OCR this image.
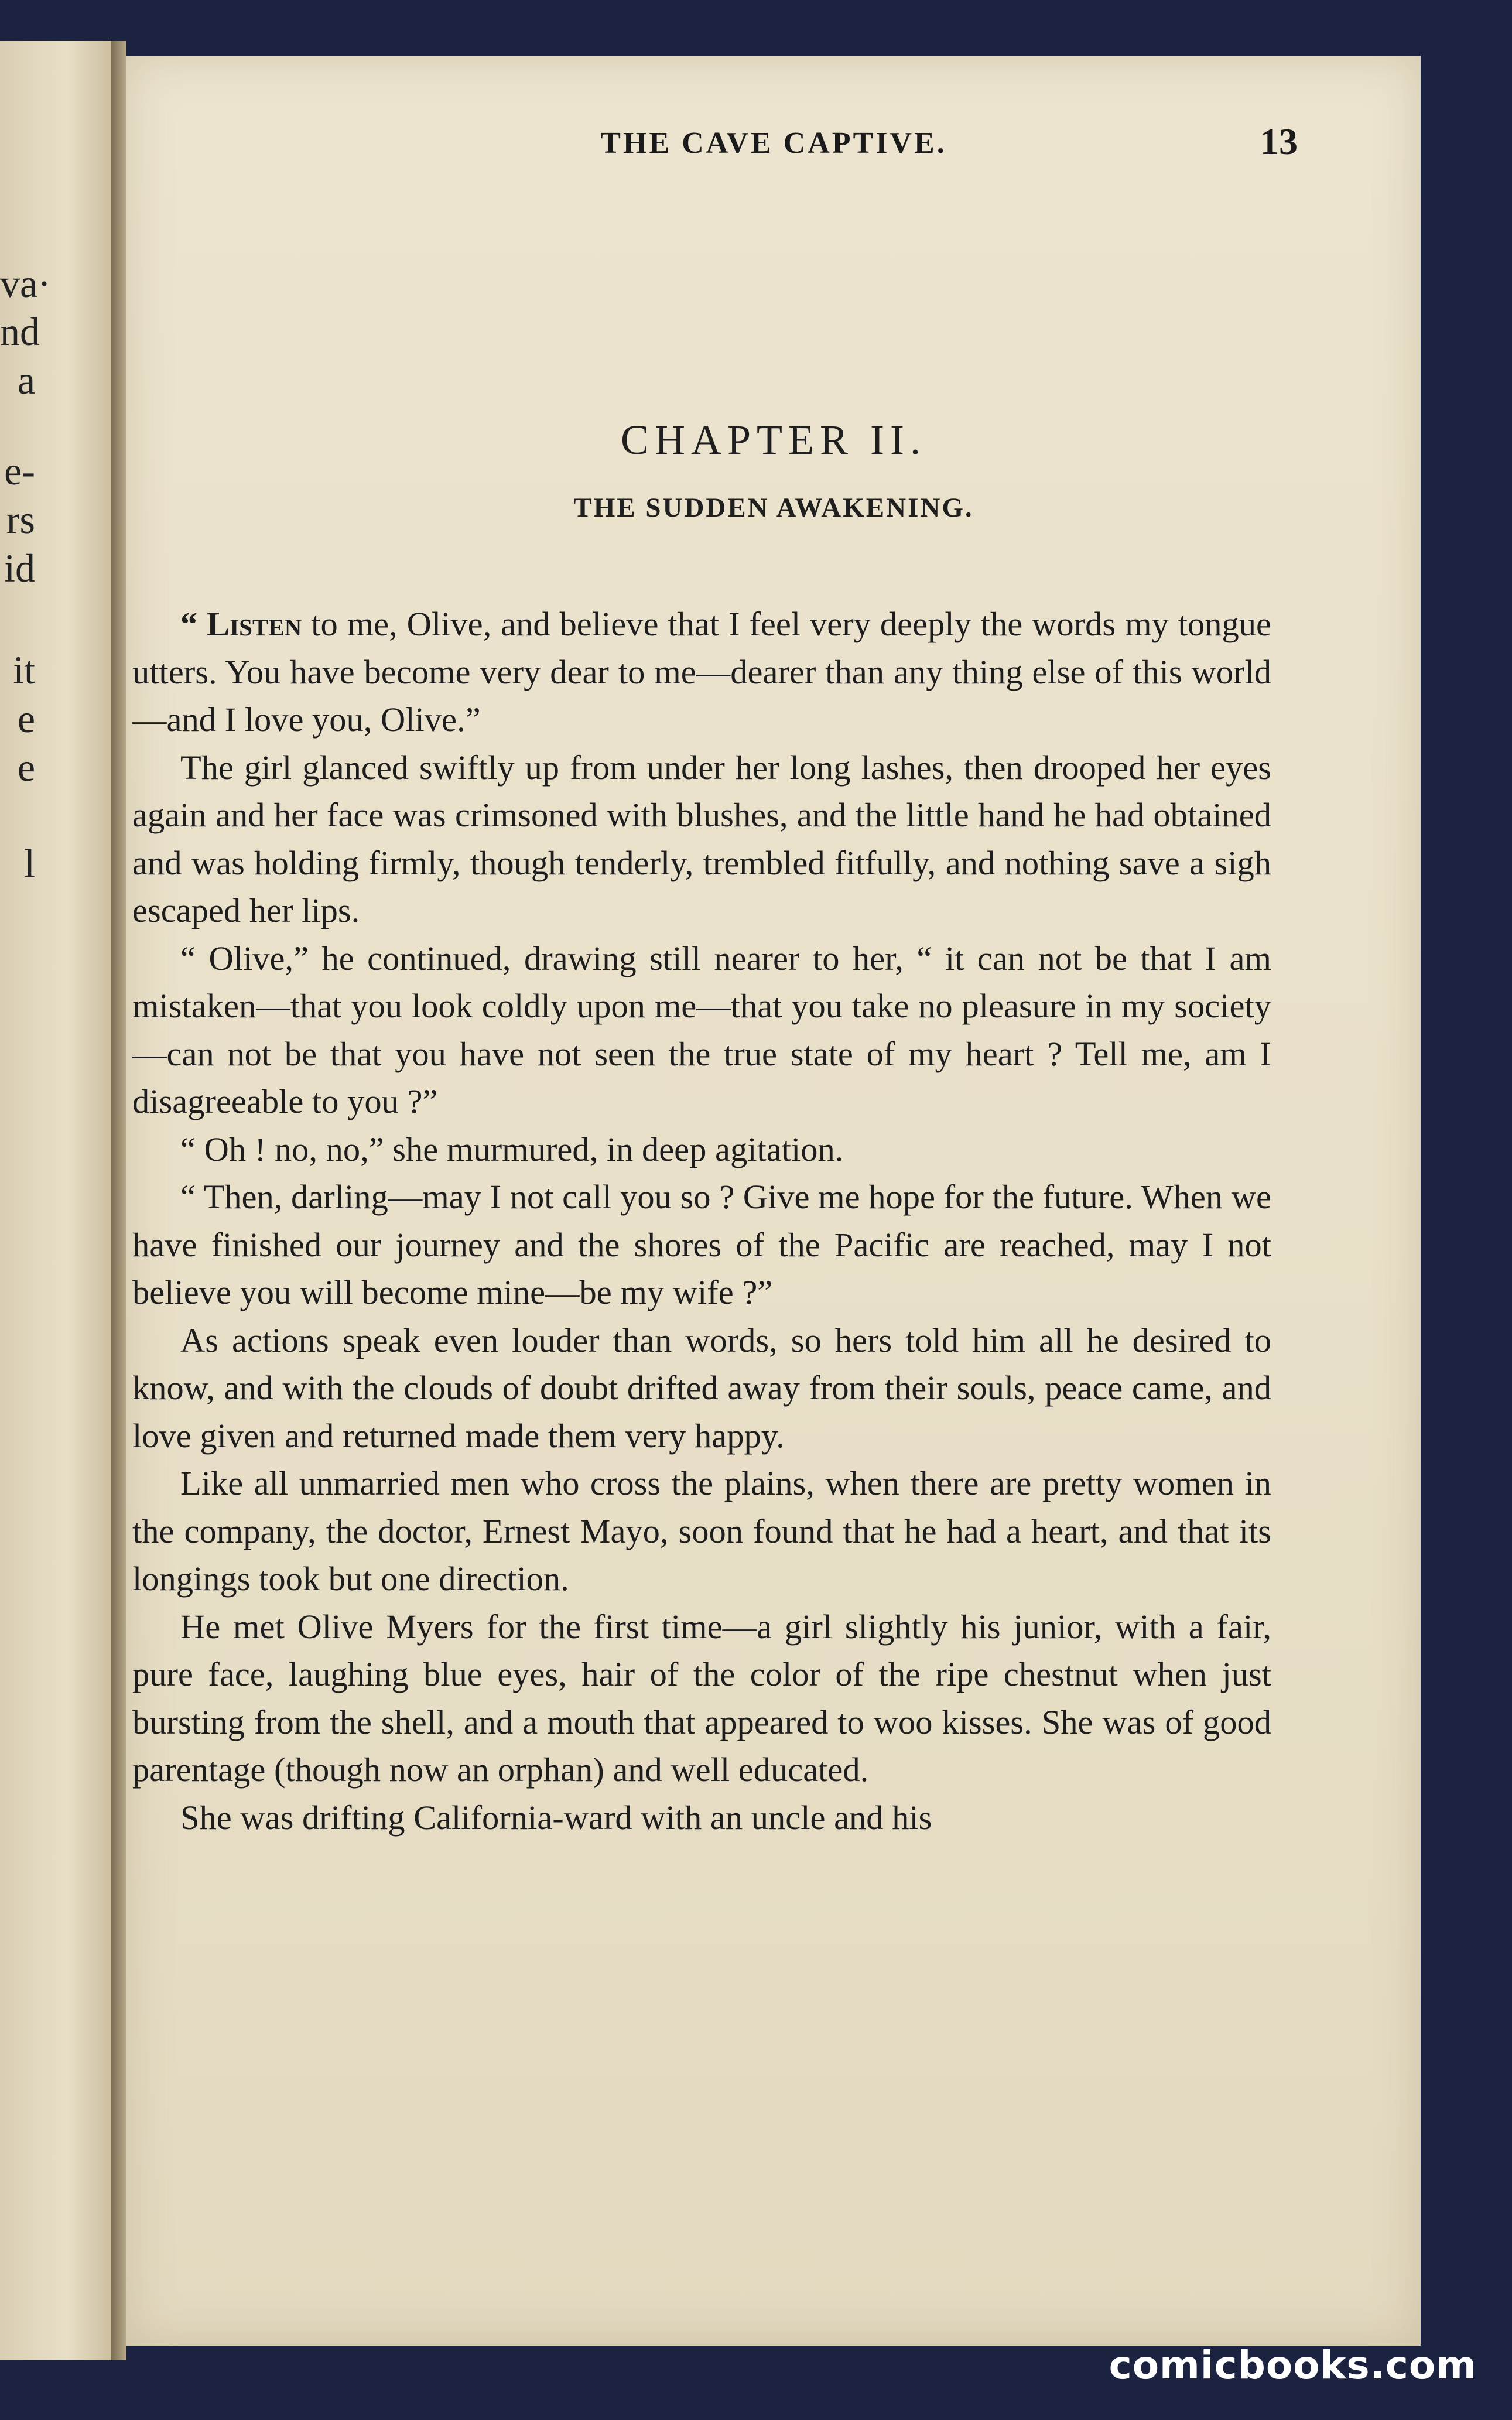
va·
nd
a
e-
rs
id
it
e
e
l
THE CAVE CAPTIVE.	13
CHAPTER II.
THE SUDDEN AWAKENING.

“ Listen to me, Olive, and believe that I feel very deeply the words my tongue utters. You have become very dear to me—dearer than any thing else of this world—and I love you, Olive.”

The girl glanced swiftly up from under her long lashes, then drooped her eyes again and her face was crimsoned with blushes, and the little hand he had obtained and was holding firmly, though tenderly, trembled fitfully, and nothing save a sigh escaped her lips.

“ Olive,” he continued, drawing still nearer to her, “ it can not be that I am mistaken—that you look coldly upon me—that you take no pleasure in my society—can not be that you have not seen the true state of my heart ? Tell me, am I disagreeable to you ?”

“ Oh ! no, no,” she murmured, in deep agitation.

“ Then, darling—may I not call you so ? Give me hope for the future. When we have finished our journey and the shores of the Pacific are reached, may I not believe you will become mine—be my wife ?”

As actions speak even louder than words, so hers told him all he desired to know, and with the clouds of doubt drifted away from their souls, peace came, and love given and returned made them very happy.

Like all unmarried men who cross the plains, when there are pretty women in the company, the doctor, Ernest Mayo, soon found that he had a heart, and that its longings took but one direction.

He met Olive Myers for the first time—a girl slightly his junior, with a fair, pure face, laughing blue eyes, hair of the color of the ripe chestnut when just bursting from the shell, and a mouth that appeared to woo kisses. She was of good parentage (though now an orphan) and well educated.

She was drifting California-ward with an uncle and his

comicbooks.com
